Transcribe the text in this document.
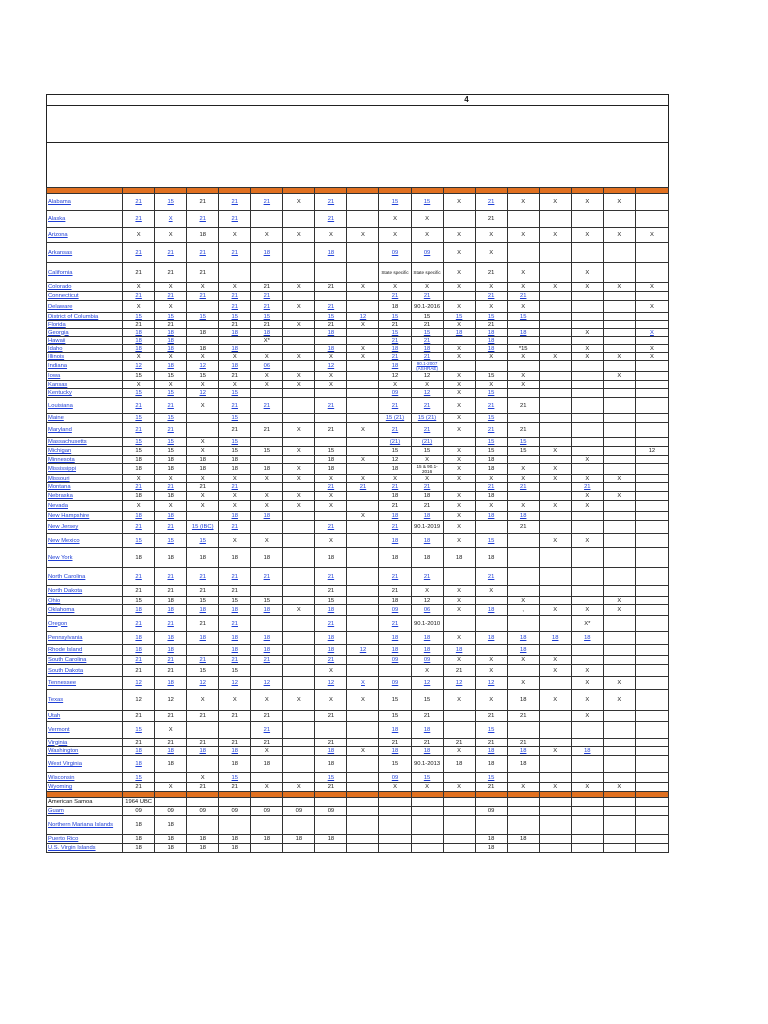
4

Alabama	21	15	21	21	21	X	21		15	15	X	21	X	X	X	X	
Alaska	21	X	21	21			21		X	X		21					
Arizona	X	X	18	X	X	X	X	X	X	X	X	X	X	X	X	X	X
Arkansas	21	21	21	21	18		18		09	09	X	X					
California	21	21	21						State specific	State specific	X	21	X		X		
Colorado	X	X	X	X	21	X	21	X	X	X	X	X	X	X	X	X	X
Connecticut	21	21	21	21	21				21	21		21	21				
Delaware	X	X		21	21	X	21		18	90.1-2016	X	X	X				X
District of Columbia	15	15	15	15	15		15	12	15	15	15	15	15				
Florida	21	21		21	21	X	21	X	21	21	X	21					
Georgia	18	18	18	18	18		18		15	15	18	18	18		X		X
Hawaii	18	18			X*				21	21		18					
Idaho	18	18	18	18			18	X	18	18	X	18	*15		X		X
Illinois	X	X	X	X	X	X	X	X	21	21	X	X	X	X	X	X	X
Indiana	12	18	12	18	06		12		18	90.1-2007 (ASHRAE)							
Iowa	15	15	15	21	X	X	X		12	12	X	15	X			X	
Kansas	X	X	X	X	X	X	X		X	X	X	X	X				
Kentucky	15	15	12	15					09	12	X	15					
Louisiana	21	21	X	21	21		21		21	21	X	21	21				
Maine	15	15		15					15 (21)	15 (21)	X	15					
Maryland	21	21		21	21	X	21	X	21	21	X	21	21				
Massachusetts	15	15	X	15					(21)	(21)		15	15				
Michigan	15	15	X	15	15	X	15		15	15	X	15	15	X			12
Minnesota	18	18	18	18			18	X	12	X	X	18			X		
Mississippi	18	18	18	18	18	X	18		18	15 & 90.1-2016	X	18	X	X			
Missouri	X	X	X	X	X	X	X	X	X	X	X	X	X	X	X	X	
Montana	21	21	21	21			21	21	21	21		21	21		21		
Nebraska	18	18	X	X	X	X	X		18	18	X	18			X	X	
Nevada	X	X	X	X	X	X	X		21	21	X	X	X	X	X		
New Hampshire	18	18		18	18			X	18	18	X	18	18				
New Jersey	21	21	15 (IBC)	21			21		21	90.1-2019	X		21				
New Mexico	15	15	15	X	X		X		18	18	X	15		X	X		
New York	18	18	18	18	18		18		18	18	18	18					
North Carolina	21	21	21	21	21		21		21	21		21					
North Dakota	21	21	21	21			21		21	X	X	X					
Ohio	15	18	15	15	15		15		18	12	X		X			X	
Oklahoma	18	18	18	18	18	X	18		09	06	X	18	,	X	X	X	
Oregon	21	21	21	21			21		21	90.1-2010					X*		
Pennsylvania	18	18	18	18	18		18		18	18	X	18	18	18	18		
Rhode Island	18	18		18	18		18	12	18	18	18		18				
South Carolina	21	21	21	21	21		21		09	09	X	X	X	X			
South Dakota	21	21	15	15			X			X	21	X		X	X		
Tennessee	12	18	12	12	12		12	X	09	12	12	12	X		X	X	
Texas	12	12	X	X	X	X	X	X	15	15	X	X	18	X	X	X	
Utah	21	21	21	21	21		21		15	21		21	21		X		
Vermont	15	X			21				18	18		15					
Virginia	21	21	21	21	21		21		21	21	21	21	21				
Washington	18	18	18	18	X		18	X	18	18	X	18	18	X	18		
West Virginia	18	18		18	18		18		15	90.1-2013	18	18	18				
Wisconsin	15		X	15			15		09	15		15					
Wyoming	21	X	21	21	X	X	21		X	X	X	21	X	X	X	X	

American Samoa	1964 UBC																
Guam	09	09	09	09	09	09	09					09					
Northern Mariana Islands	18	18															
Puerto Rico	18	18	18	18	18	18	18					18	18				
U.S. Virgin Islands	18	18	18	18								18					
